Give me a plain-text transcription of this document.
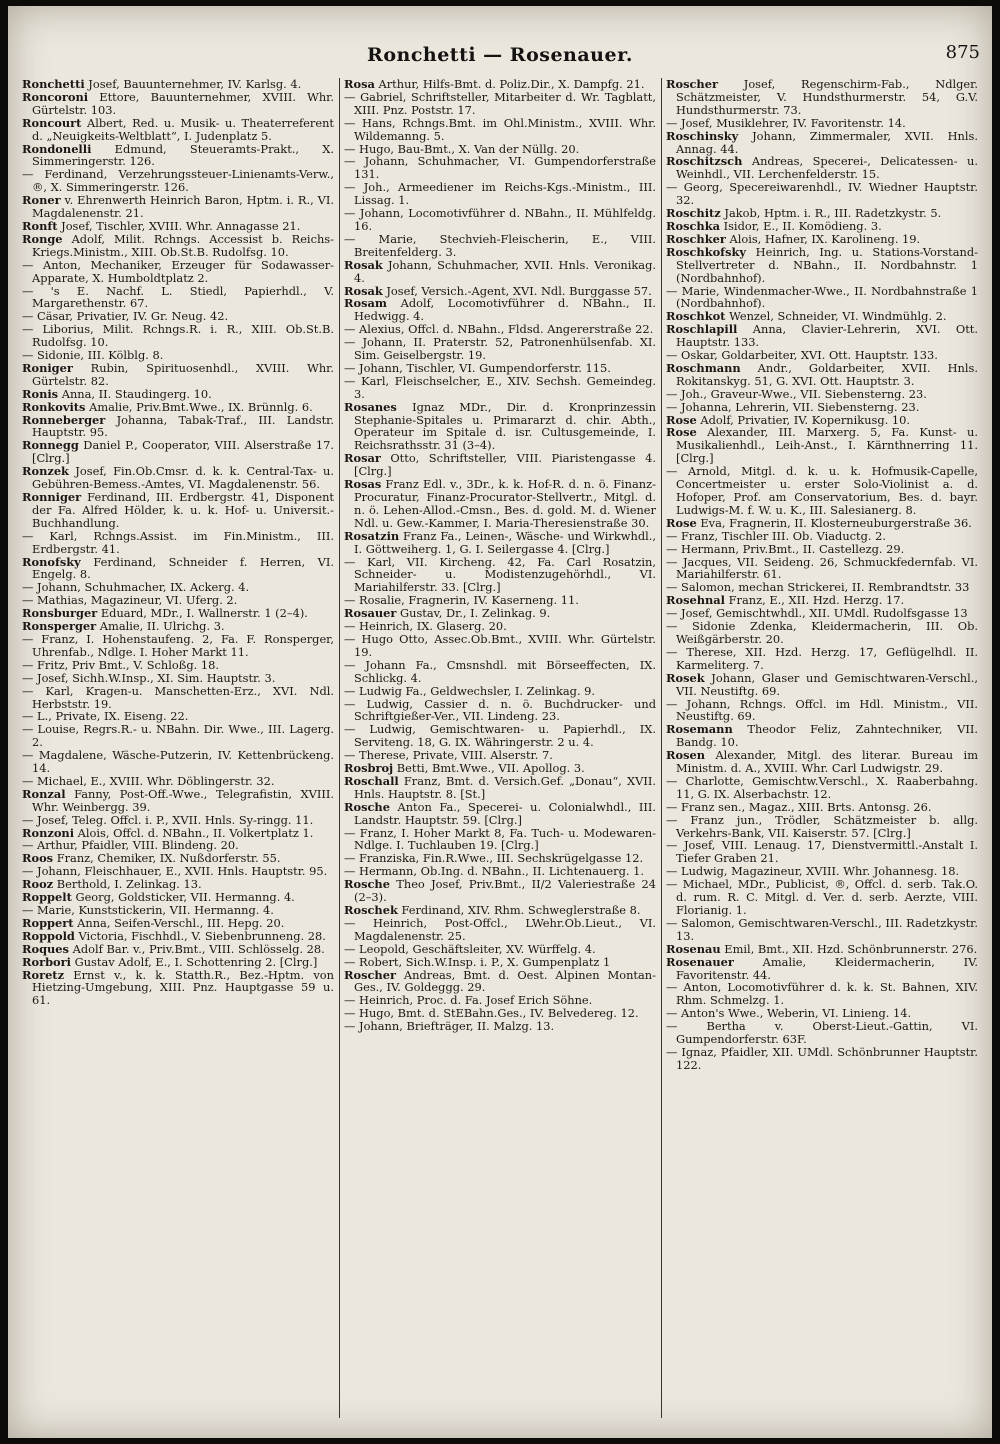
Ronchetti — Rosenauer.	875

Ronchetti Josef, Bauunternehmer, IV. Karlsg. 4.

Roncoroni Ettore, Bauunternehmer, XVIII. Whr. Gürtelstr. 103.

Roncourt Albert, Red. u. Musik- u. Theaterreferent d. „Neuigkeits-Weltblatt“, I. Judenplatz 5.

Rondonelli Edmund, Steueramts-Prakt., X. Simmeringerstr. 126.

— Ferdinand, Verzehrungssteuer-Linienamts-Verw., ®, X. Simmeringerstr. 126.

Roner v. Ehrenwerth Heinrich Baron, Hptm. i. R., VI. Magdalenenstr. 21.

Ronft Josef, Tischler, XVIII. Whr. Annagasse 21.

Ronge Adolf, Milit. Rchngs. Accessist b. Reichs-Kriegs.Ministm., XIII. Ob.St.B. Rudolfsg. 10.

— Anton, Mechaniker, Erzeuger für Sodawasser-Apparate, X. Humboldtplatz 2.

— 's E. Nachf. L. Stiedl, Papierhdl., V. Margarethenstr. 67.

— Cäsar, Privatier, IV. Gr. Neug. 42.

— Liborius, Milit. Rchngs.R. i. R., XIII. Ob.St.B. Rudolfsg. 10.

— Sidonie, III. Kölblg. 8.

Roniger Rubin, Spirituosenhdl., XVIII. Whr. Gürtelstr. 82.

Ronis Anna, II. Staudingerg. 10.

Ronkovits Amalie, Priv.Bmt.Wwe., IX. Brünnlg. 6.

Ronneberger Johanna, Tabak-Traf., III. Landstr. Hauptstr. 95.

Ronnegg Daniel P., Cooperator, VIII. Alserstraße 17. [Clrg.]

Ronzek Josef, Fin.Ob.Cmsr. d. k. k. Central-Tax- u. Gebühren-Bemess.-Amtes, VI. Magdalenenstr. 56.

Ronniger Ferdinand, III. Erdbergstr. 41, Disponent der Fa. Alfred Hölder, k. u. k. Hof- u. Universit.-Buchhandlung.

— Karl, Rchngs.Assist. im Fin.Ministm., III. Erdbergstr. 41.

Ronofsky Ferdinand, Schneider f. Herren, VI. Engelg. 8.

— Johann, Schuhmacher, IX. Ackerg. 4.

— Mathias, Magazineur, VI. Uferg. 2.

Ronsburger Eduard, MDr., I. Wallnerstr. 1 (2–4).

Ronsperger Amalie, II. Ulrichg. 3.

— Franz, I. Hohenstaufeng. 2, Fa. F. Ronsperger, Uhrenfab., Ndlge. I. Hoher Markt 11.

— Fritz, Priv Bmt., V. Schloßg. 18.

— Josef, Sichh.W.Insp., XI. Sim. Hauptstr. 3.

— Karl, Kragen-u. Manschetten-Erz., XVI. Ndl. Herbststr. 19.

— L., Private, IX. Eiseng. 22.

— Louise, Regrs.R.- u. NBahn. Dir. Wwe., III. Lagerg. 2.

— Magdalene, Wäsche-Putzerin, IV. Kettenbrückeng. 14.

— Michael, E., XVIII. Whr. Döblingerstr. 32.

Ronzal Fanny, Post-Off.-Wwe., Telegrafistin, XVIII. Whr. Weinbergg. 39.

— Josef, Teleg. Offcl. i. P., XVII. Hnls. Sy-ringg. 11.

Ronzoni Alois, Offcl. d. NBahn., II. Volkertplatz 1.

— Arthur, Pfaidler, VIII. Blindeng. 20.

Roos Franz, Chemiker, IX. Nußdorferstr. 55.

— Johann, Fleischhauer, E., XVII. Hnls. Hauptstr. 95.

Rooz Berthold, I. Zelinkag. 13.

Roppelt Georg, Goldsticker, VII. Hermanng. 4.

— Marie, Kunststickerin, VII. Hermanng. 4.

Roppert Anna, Seifen-Verschl., III. Hepg. 20.

Roppold Victoria, Fischhdl., V. Siebenbrunneng. 28.

Roques Adolf Bar. v., Priv.Bmt., VIII. Schlösselg. 28.

Rorbori Gustav Adolf, E., I. Schottenring 2. [Clrg.]

Roretz Ernst v., k. k. Statth.R., Bez.-Hptm. von Hietzing-Umgebung, XIII. Pnz. Hauptgasse 59 u. 61.

Rosa Arthur, Hilfs-Bmt. d. Poliz.Dir., X. Dampfg. 21.

— Gabriel, Schriftsteller, Mitarbeiter d. Wr. Tagblatt, XIII. Pnz. Poststr. 17.

— Hans, Rchngs.Bmt. im Ohl.Ministm., XVIII. Whr. Wildemanng. 5.

— Hugo, Bau-Bmt., X. Van der Nüllg. 20.

— Johann, Schuhmacher, VI. Gumpendorferstraße 131.

— Joh., Armeediener im Reichs-Kgs.-Ministm., III. Lissag. 1.

— Johann, Locomotivführer d. NBahn., II. Mühlfeldg. 16.

— Marie, Stechvieh-Fleischerin, E., VIII. Breitenfelderg. 3.

Rosak Johann, Schuhmacher, XVII. Hnls. Veronikag. 4.

Rosak Josef, Versich.-Agent, XVI. Ndl. Burggasse 57.

Rosam Adolf, Locomotivführer d. NBahn., II. Hedwigg. 4.

— Alexius, Offcl. d. NBahn., Fldsd. Angererstraße 22.

— Johann, II. Praterstr. 52, Patronenhülsenfab. XI. Sim. Geiselbergstr. 19.

— Johann, Tischler, VI. Gumpendorferstr. 115.

— Karl, Fleischselcher, E., XIV. Sechsh. Gemeindeg. 3.

Rosanes Ignaz MDr., Dir. d. Kronprinzessin Stephanie-Spitales u. Primararzt d. chir. Abth., Operateur im Spitale d. isr. Cultusgemeinde, I. Reichsrathsstr. 31 (3–4).

Rosar Otto, Schriftsteller, VIII. Piaristengasse 4. [Clrg.]

Rosas Franz Edl. v., 3Dr., k. k. Hof-R. d. n. ö. Finanz-Procuratur, Finanz-Procurator-Stellvertr., Mitgl. d. n. ö. Lehen-Allod.-Cmsn., Bes. d. gold. M. d. Wiener Ndl. u. Gew.-Kammer, I. Maria-Theresienstraße 30.

Rosatzin Franz Fa., Leinen-, Wäsche- und Wirkwhdl., I. Göttweiherg. 1, G. I. Seilergasse 4. [Clrg.]

— Karl, VII. Kircheng. 42, Fa. Carl Rosatzin, Schneider- u. Modistenzugehörhdl., VI. Mariahilferstr. 33. [Clrg.]

— Rosalie, Fragnerin, IV. Kaserneng. 11.

Rosauer Gustav, Dr., I. Zelinkag. 9.

— Heinrich, IX. Glaserg. 20.

— Hugo Otto, Assec.Ob.Bmt., XVIII. Whr. Gürtelstr. 19.

— Johann Fa., Cmsnshdl. mit Börseeffecten, IX. Schlickg. 4.

— Ludwig Fa., Geldwechsler, I. Zelinkag. 9.

— Ludwig, Cassier d. n. ö. Buchdrucker- und Schriftgießer-Ver., VII. Lindeng. 23.

— Ludwig, Gemischtwaren- u. Papierhdl., IX. Serviteng. 18, G. IX. Währingerstr. 2 u. 4.

— Therese, Private, VIII. Alserstr. 7.

Rosbroj Betti, Bmt.Wwe., VII. Apollog. 3.

Roschall Franz, Bmt. d. Versich.Gef. „Donau“, XVII. Hnls. Hauptstr. 8. [St.]

Rosche Anton Fa., Specerei- u. Colonialwhdl., III. Landstr. Hauptstr. 59. [Clrg.]

— Franz, I. Hoher Markt 8, Fa. Tuch- u. Modewaren-Ndlge. I. Tuchlauben 19. [Clrg.]

— Franziska, Fin.R.Wwe., III. Sechskrügelgasse 12.

— Hermann, Ob.Ing. d. NBahn., II. Lichtenauerg. 1.

Rosche Theo Josef, Priv.Bmt., II/2 Valeriestraße 24 (2–3).

Roschek Ferdinand, XIV. Rhm. Schweglerstraße 8.

— Heinrich, Post-Offcl., LWehr.Ob.Lieut., VI. Magdalenenstr. 25.

— Leopold, Geschäftsleiter, XV. Würffelg. 4.

— Robert, Sich.W.Insp. i. P., X. Gumpenplatz 1

Roscher Andreas, Bmt. d. Oest. Alpinen Montan-Ges., IV. Goldeggg. 29.

— Heinrich, Proc. d. Fa. Josef Erich Söhne.

— Hugo, Bmt. d. StEBahn.Ges., IV. Belvedereg. 12.

— Johann, Briefträger, II. Malzg. 13.

Roscher Josef, Regenschirm-Fab., Ndlger. Schätzmeister, V. Hundsthurmerstr. 54, G.V. Hundsthurmerstr. 73.

— Josef, Musiklehrer, IV. Favoritenstr. 14.

Roschinsky Johann, Zimmermaler, XVII. Hnls. Annag. 44.

Roschitzsch Andreas, Specerei-, Delicatessen- u. Weinhdl., VII. Lerchenfelderstr. 15.

— Georg, Specereiwarenhdl., IV. Wiedner Hauptstr. 32.

Roschitz Jakob, Hptm. i. R., III. Radetzkystr. 5.

Roschka Isidor, E., II. Komödieng. 3.

Roschker Alois, Hafner, IX. Karolineng. 19.

Roschkofsky Heinrich, Ing. u. Stations-Vorstand-Stellvertreter d. NBahn., II. Nordbahnstr. 1 (Nordbahnhof).

— Marie, Windenmacher-Wwe., II. Nordbahnstraße 1 (Nordbahnhof).

Roschkot Wenzel, Schneider, VI. Windmühlg. 2.

Roschlapill Anna, Clavier-Lehrerin, XVI. Ott. Hauptstr. 133.

— Oskar, Goldarbeiter, XVI. Ott. Hauptstr. 133.

Roschmann Andr., Goldarbeiter, XVII. Hnls. Rokitanskyg. 51, G. XVI. Ott. Hauptstr. 3.

— Joh., Graveur-Wwe., VII. Siebensterng. 23.

— Johanna, Lehrerin, VII. Siebensterng. 23.

Rose Adolf, Privatier, IV. Kopernikusg. 10.

Rose Alexander, III. Marxerg. 5, Fa. Kunst- u. Musikalienhdl., Leih-Anst., I. Kärnthnerring 11. [Clrg.]

— Arnold, Mitgl. d. k. u. k. Hofmusik-Capelle, Concertmeister u. erster Solo-Violinist a. d. Hofoper, Prof. am Conservatorium, Bes. d. bayr. Ludwigs-M. f. W. u. K., III. Salesianerg. 8.

Rose Eva, Fragnerin, II. Klosterneuburgerstraße 36.

— Franz, Tischler III. Ob. Viaductg. 2.

— Hermann, Priv.Bmt., II. Castellezg. 29.

— Jacques, VII. Seideng. 26, Schmuckfedernfab. VI. Mariahilferstr. 61.

— Salomon, mechan Strickerei, II. Rembrandtstr. 33

Rosehnal Franz, E., XII. Hzd. Herzg. 17.

— Josef, Gemischtwhdl., XII. UMdl. Rudolfsgasse 13

— Sidonie Zdenka, Kleidermacherin, III. Ob. Weißgärberstr. 20.

— Therese, XII. Hzd. Herzg. 17, Geflügelhdl. II. Karmeliterg. 7.

Rosek Johann, Glaser und Gemischtwaren-Verschl., VII. Neustiftg. 69.

— Johann, Rchngs. Offcl. im Hdl. Ministm., VII. Neustiftg. 69.

Rosemann Theodor Feliz, Zahntechniker, VII. Bandg. 10.

Rosen Alexander, Mitgl. des literar. Bureau im Ministm. d. A., XVIII. Whr. Carl Ludwigstr. 29.

— Charlotte, Gemischtw.Verschl., X. Raaberbahng. 11, G. IX. Alserbachstr. 12.

— Franz sen., Magaz., XIII. Brts. Antonsg. 26.

— Franz jun., Trödler, Schätzmeister b. allg. Verkehrs-Bank, VII. Kaiserstr. 57. [Clrg.]

— Josef, VIII. Lenaug. 17, Dienstvermittl.-Anstalt I. Tiefer Graben 21.

— Ludwig, Magazineur, XVIII. Whr. Johannesg. 18.

— Michael, MDr., Publicist, ®, Offcl. d. serb. Tak.O. d. rum. R. C. Mitgl. d. Ver. d. serb. Aerzte, VIII. Florianig. 1.

— Salomon, Gemischtwaren-Verschl., III. Radetzkystr. 13.

Rosenau Emil, Bmt., XII. Hzd. Schönbrunnerstr. 276.

Rosenauer Amalie, Kleidermacherin, IV. Favoritenstr. 44.

— Anton, Locomotivführer d. k. k. St. Bahnen, XIV. Rhm. Schmelzg. 1.

— Anton's Wwe., Weberin, VI. Linieng. 14.

— Bertha v. Oberst-Lieut.-Gattin, VI. Gumpendorferstr. 63F.

— Ignaz, Pfaidler, XII. UMdl. Schönbrunner Hauptstr. 122.
